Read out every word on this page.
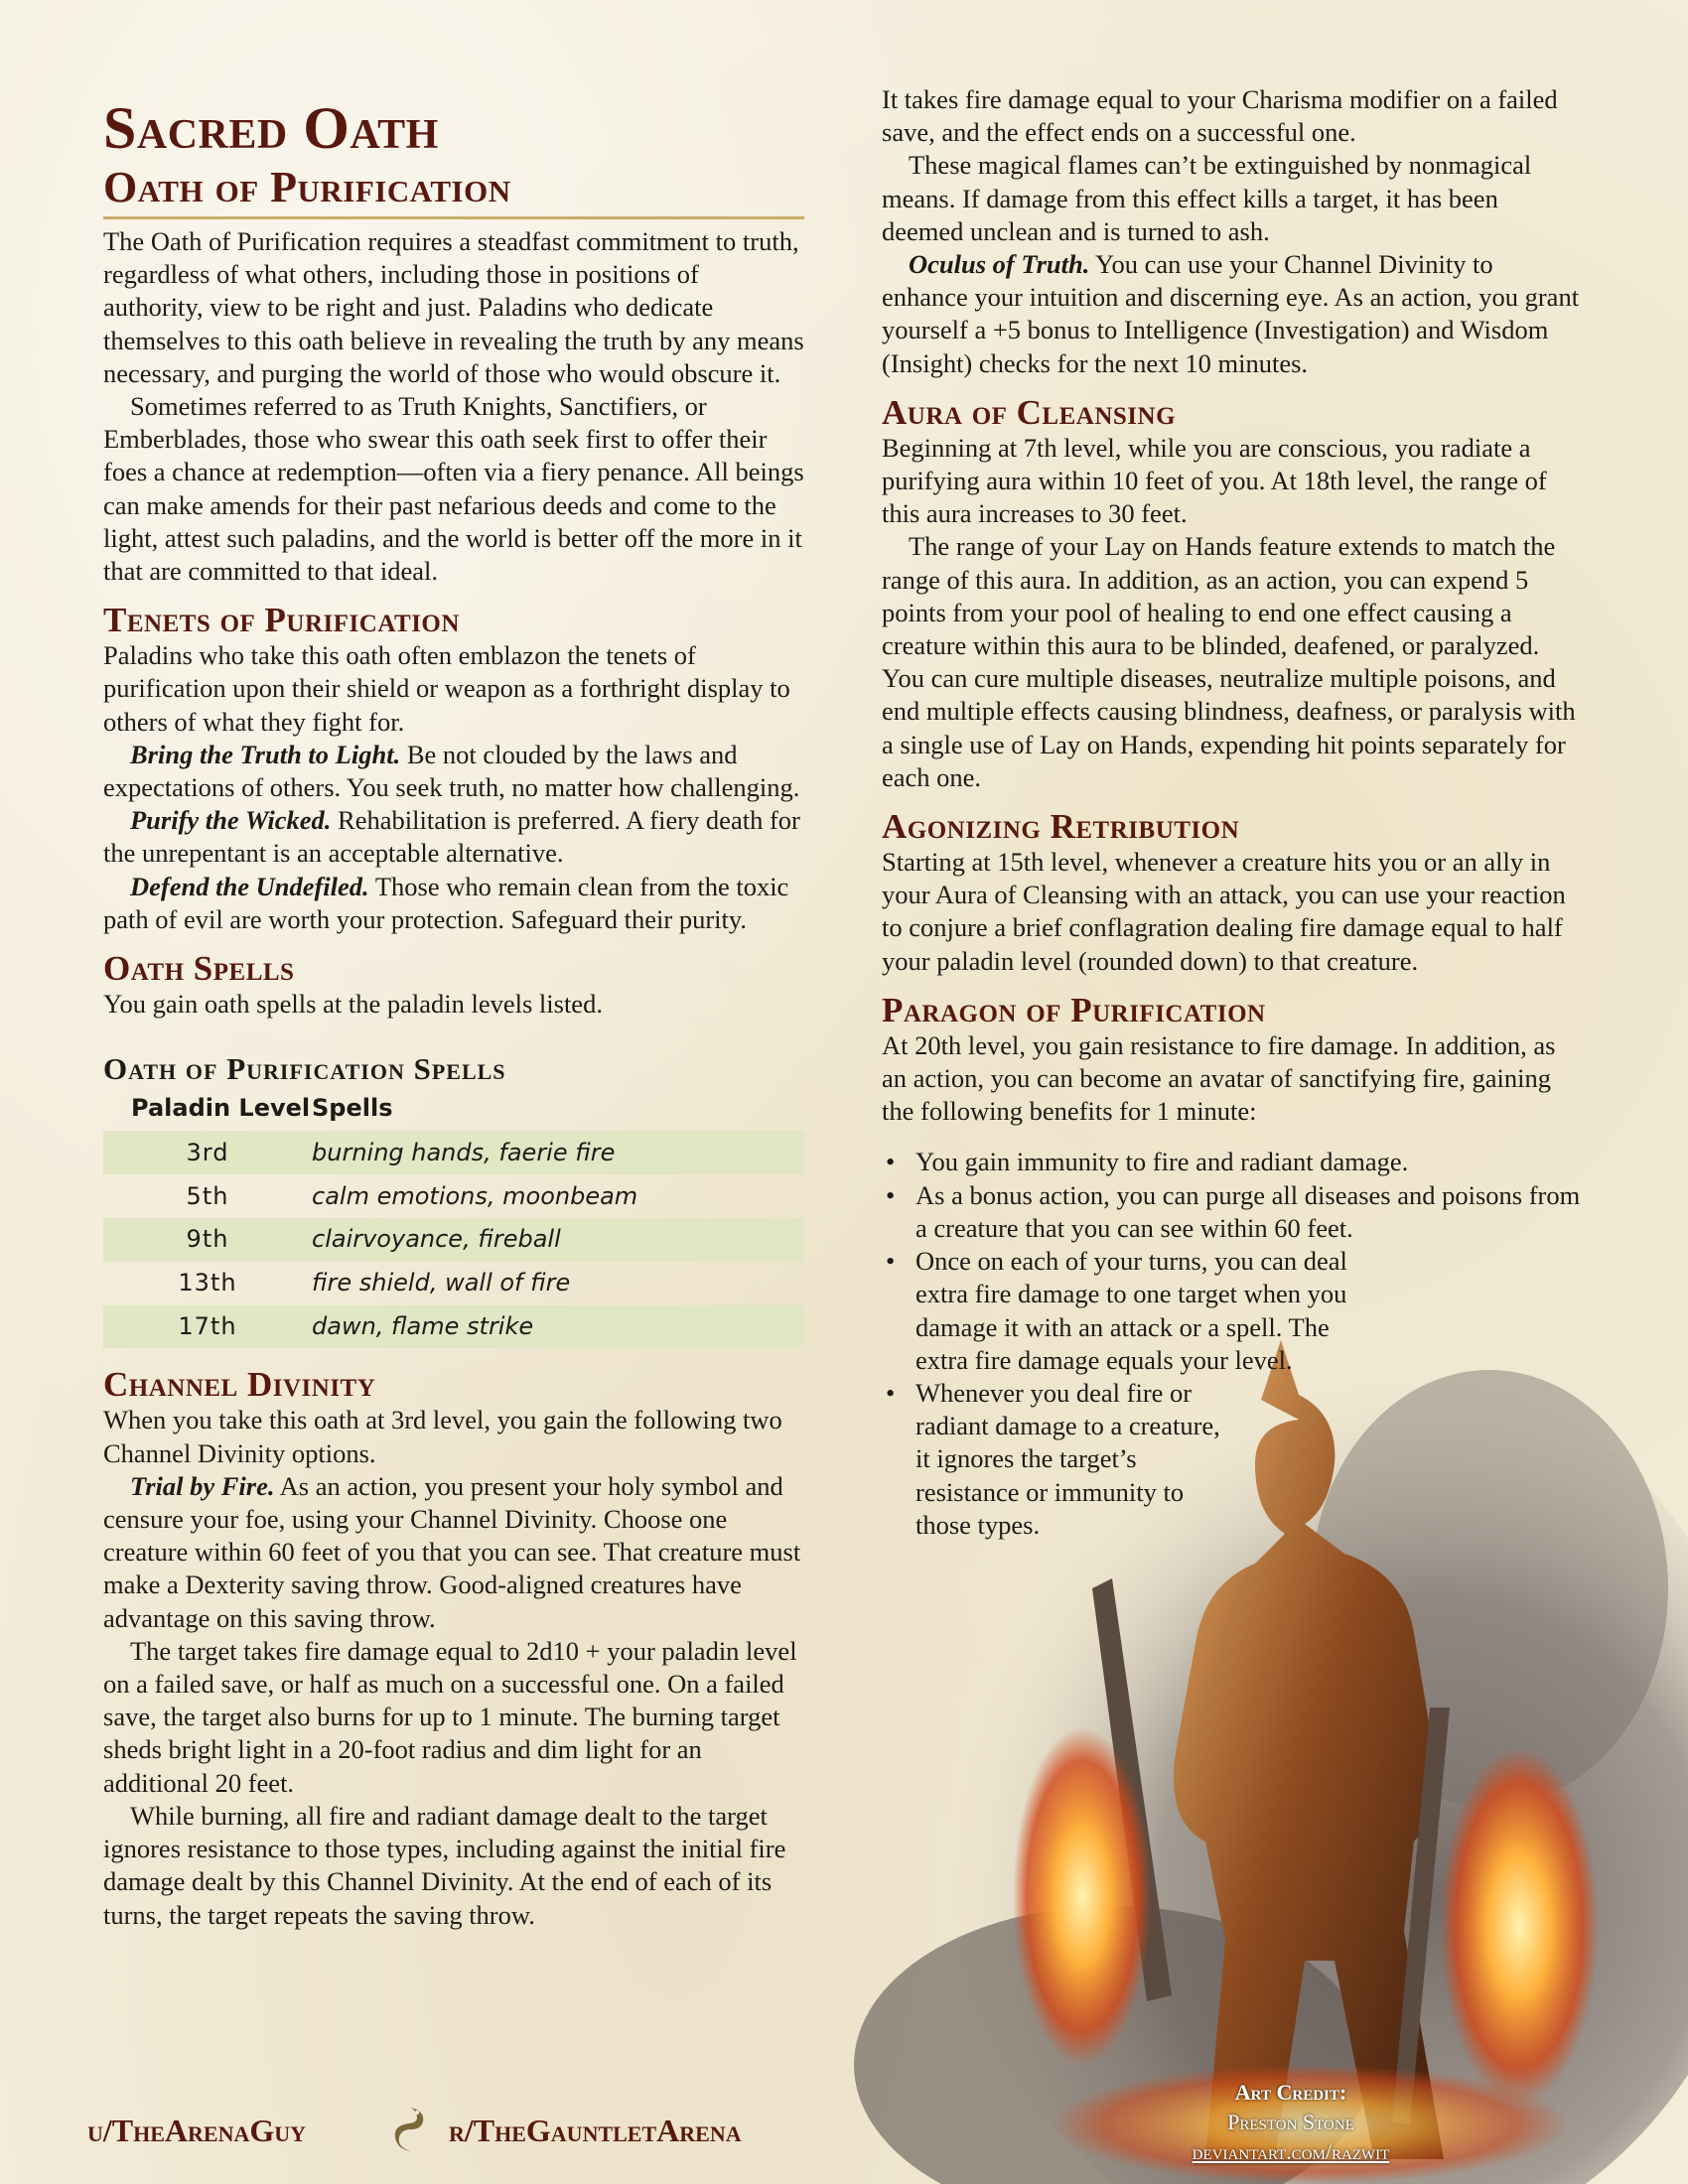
Sacred Oath
Oath of Purification

The Oath of Purification requires a steadfast commitment to truth, regardless of what others, including those in positions of authority, view to be right and just. Paladins who dedicate themselves to this oath believe in revealing the truth by any means necessary, and purging the world of those who would obscure it.

Sometimes referred to as Truth Knights, Sanctifiers, or Emberblades, those who swear this oath seek first to offer their foes a chance at redemption—often via a fiery penance. All beings can make amends for their past nefarious deeds and come to the light, attest such paladins, and the world is better off the more in it that are committed to that ideal.

Tenets of Purification

Paladins who take this oath often emblazon the tenets of purification upon their shield or weapon as a forthright display to others of what they fight for.

Bring the Truth to Light. Be not clouded by the laws and expectations of others. You seek truth, no matter how challenging.

Purify the Wicked. Rehabilitation is preferred. A fiery death for the unrepentant is an acceptable alternative.

Defend the Undefiled. Those who remain clean from the toxic path of evil are worth your protection. Safeguard their purity.

Oath Spells

You gain oath spells at the paladin levels listed.

Oath of Purification Spells
Paladin Level	Spells
3rd	burning hands, faerie fire
5th	calm emotions, moonbeam
9th	clairvoyance, fireball
13th	fire shield, wall of fire
17th	dawn, flame strike
Channel Divinity

When you take this oath at 3rd level, you gain the following two Channel Divinity options.

Trial by Fire. As an action, you present your holy symbol and censure your foe, using your Channel Divinity. Choose one creature within 60 feet of you that you can see. That creature must make a Dexterity saving throw. Good-aligned creatures have advantage on this saving throw.

The target takes fire damage equal to 2d10 + your paladin level on a failed save, or half as much on a successful one. On a failed save, the target also burns for up to 1 minute. The burning target sheds bright light in a 20-foot radius and dim light for an additional 20 feet.

While burning, all fire and radiant damage dealt to the target ignores resistance to those types, including against the initial fire damage dealt by this Channel Divinity. At the end of each of its turns, the target repeats the saving throw.

It takes fire damage equal to your Charisma modifier on a failed save, and the effect ends on a successful one.

These magical flames can’t be extinguished by nonmagical means. If damage from this effect kills a target, it has been deemed unclean and is turned to ash.

Oculus of Truth. You can use your Channel Divinity to enhance your intuition and discerning eye. As an action, you grant yourself a +5 bonus to Intelligence (Investigation) and Wisdom (Insight) checks for the next 10 minutes.

Aura of Cleansing

Beginning at 7th level, while you are conscious, you radiate a purifying aura within 10 feet of you. At 18th level, the range of this aura increases to 30 feet.

The range of your Lay on Hands feature extends to match the range of this aura. In addition, as an action, you can expend 5 points from your pool of healing to end one effect causing a creature within this aura to be blinded, deafened, or paralyzed. You can cure multiple diseases, neutralize multiple poisons, and end multiple effects causing blindness, deafness, or paralysis with a single use of Lay on Hands, expending hit points separately for each one.

Agonizing Retribution

Starting at 15th level, whenever a creature hits you or an ally in your Aura of Cleansing with an attack, you can use your reaction to conjure a brief conflagration dealing fire damage equal to half your paladin level (rounded down) to that creature.

Paragon of Purification

At 20th level, you gain resistance to fire damage. In addition, as an action, you can become an avatar of sanctifying fire, gaining the following benefits for 1 minute:

• You gain immunity to fire and radiant damage.
• As a bonus action, you can purge all diseases and poisons from a creature that you can see within 60 feet.
• Once on each of your turns, you can deal extra fire damage to one target when you damage it with an attack or a spell. The extra fire damage equals your level.
• Whenever you deal fire or radiant damage to a creature, it ignores the target’s resistance or immunity to those types.
u/TheArenaGuy	r/TheGauntletArena
Art Credit:
Preston Stone
deviantart.com/razwit
